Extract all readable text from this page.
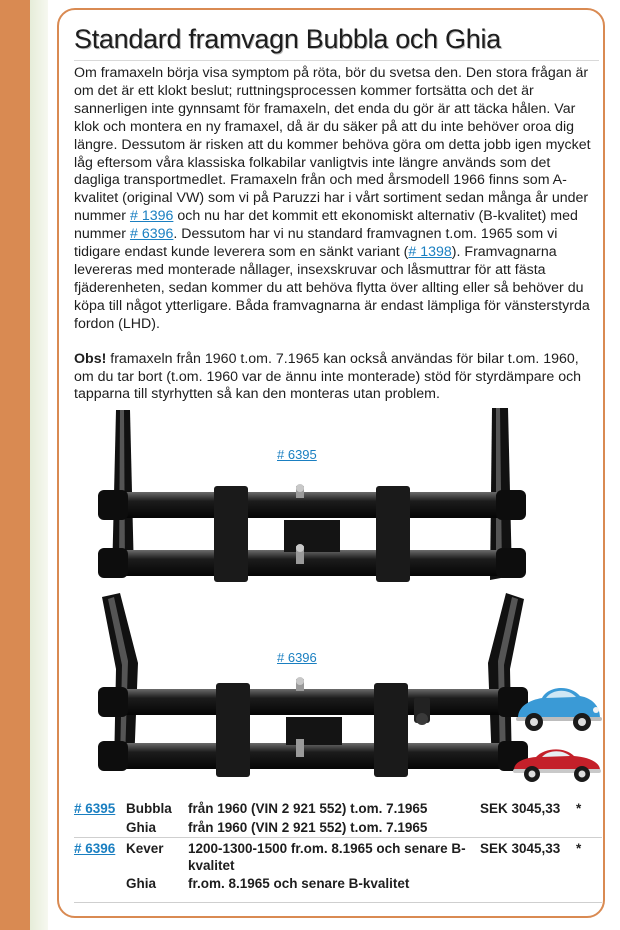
Standard framvagn Bubbla och Ghia

Om framaxeln börja visa symptom på röta, bör du svetsa den. Den stora frågan är om det är ett klokt beslut; ruttningsprocessen kommer fortsätta och det är sannerligen inte gynnsamt för framaxeln, det enda du gör är att täcka hålen. Var klok och montera en ny framaxel, då är du säker på att du inte behöver oroa dig längre. Dessutom är risken att du kommer behöva göra om detta jobb igen mycket låg eftersom våra klassiska folkabilar vanligtvis inte längre används som det dagliga transportmedlet. Framaxeln från och med årsmodell 1966 finns som A-kvalitet (original VW) som vi på Paruzzi har i vårt sortiment sedan många år under nummer # 1396 och nu har det kommit ett ekonomiskt alternativ (B-kvalitet) med nummer # 6396. Dessutom har vi nu standard framvagnen t.om. 1965 som vi tidigare endast kunde leverera som en sänkt variant (# 1398). Framvagnarna levereras med monterade nållager, insexskruvar och låsmuttrar för att fästa fjäderenheten, sedan kommer du att behöva flytta över allting eller så behöver du köpa till något ytterligare. Båda framvagnarna är endast lämpliga för vänsterstyrda fordon (LHD).

Obs! framaxeln från 1960 t.om. 7.1965 kan också användas för bilar t.om. 1960, om du tar bort (t.om. 1960 var de ännu inte monterade) stöd för styrdämpare och tapparna till styrhytten så kan den monteras utan problem.

# 6395
# 6396
# 6395	Bubbla	från 1960 (VIN 2 921 552) t.om. 7.1965	SEK 3045,33	*
	Ghia	från 1960 (VIN 2 921 552) t.om. 7.1965		
# 6396	Kever	1200-1300-1500 fr.om. 8.1965 och senare B-kvalitet	SEK 3045,33	*
	Ghia	fr.om. 8.1965 och senare B-kvalitet		
